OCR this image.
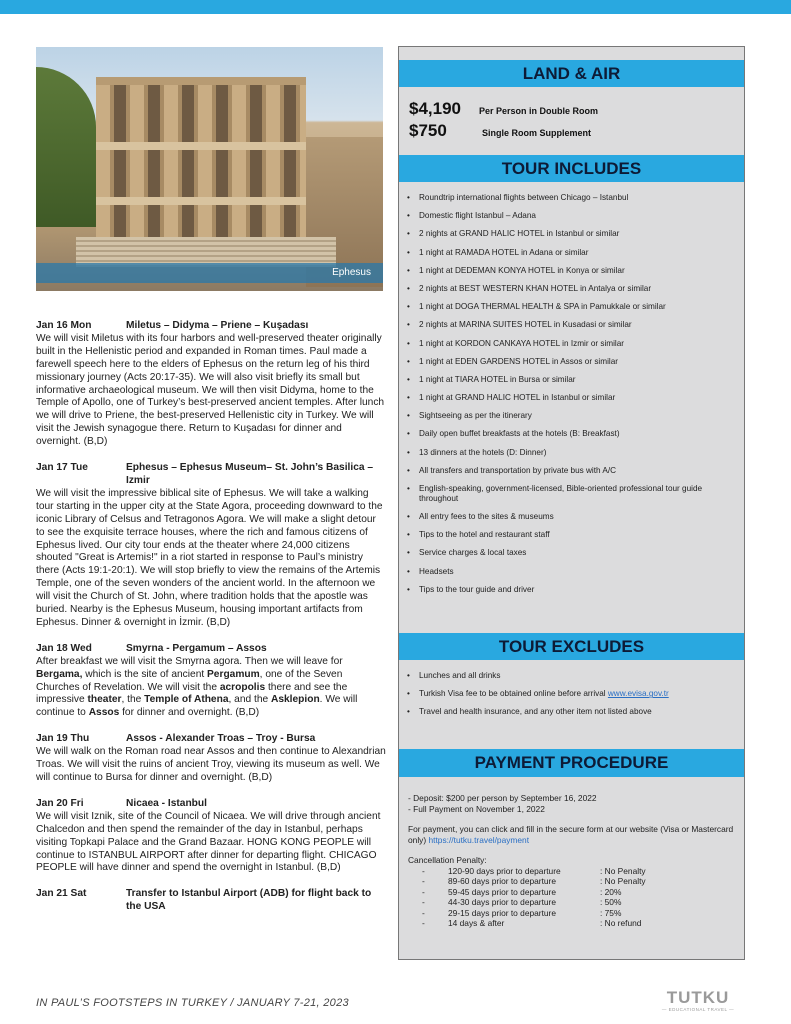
Ephesus
Jan 16 Mon	Miletus – Didyma – Priene – Kuşadası
We will visit Miletus with its four harbors and well-preserved theater originally built in the Hellenistic period and expanded in Roman times. Paul made a farewell speech here to the elders of Ephesus on the return leg of his third missionary journey (Acts 20:17-35). We will also visit briefly its small but informative archaeological museum. We will then visit Didyma, home to the Temple of Apollo, one of Turkey’s best-preserved ancient temples. After lunch we will drive to Priene, the best-preserved Hellenistic city in Turkey. We will visit the Jewish synagogue there. Return to Kuşadası for dinner and overnight. (B,D)
Jan 17 Tue	Ephesus – Ephesus Museum– St. John’s Basilica – Izmir
We will visit the impressive biblical site of Ephesus. We will take a walking tour starting in the upper city at the State Agora, proceeding downward to the iconic Library of Celsus and Tetragonos Agora. We will make a slight detour to see the exquisite terrace houses, where the rich and famous citizens of Ephesus lived. Our city tour ends at the theater where 24,000 citizens shouted "Great is Artemis!" in a riot started in response to Paul’s ministry there (Acts 19:1-20:1). We will stop briefly to view the remains of the Artemis Temple, one of the seven wonders of the ancient world. In the afternoon we will visit the Church of St. John, where tradition holds that the apostle was buried. Nearby is the Ephesus Museum, housing important artifacts from Ephesus. Dinner & overnight in İzmir. (B,D)
Jan 18 Wed	Smyrna - Pergamum – Assos
After breakfast we will visit the Smyrna agora. Then we will leave for Bergama, which is the site of ancient Pergamum, one of the Seven Churches of Revelation. We will visit the acropolis there and see the impressive theater, the Temple of Athena, and the Asklepion. We will continue to Assos for dinner and overnight. (B,D)
Jan 19 Thu	Assos - Alexander Troas – Troy - Bursa
We will walk on the Roman road near Assos and then continue to Alexandrian Troas. We will visit the ruins of ancient Troy, viewing its museum as well. We will continue to Bursa for dinner and overnight. (B,D)
Jan 20 Fri	Nicaea - Istanbul
We will visit Iznik, site of the Council of Nicaea. We will drive through ancient Chalcedon and then spend the remainder of the day in Istanbul, perhaps visiting Topkapi Palace and the Grand Bazaar. HONG KONG PEOPLE will continue to ISTANBUL AIRPORT after dinner for departing flight. CHICAGO PEOPLE will have dinner and spend the overnight in Istanbul. (B,D)
Jan 21 Sat	Transfer to Istanbul Airport (ADB) for flight back to the USA
LAND & AIR
$4,190	Per Person in Double Room
$750	Single Room Supplement
TOUR INCLUDES
• Roundtrip international flights between Chicago – Istanbul
• Domestic flight Istanbul – Adana
• 2 nights at GRAND HALIC HOTEL in Istanbul or similar
• 1 night at RAMADA HOTEL in Adana or similar
• 1 night at DEDEMAN KONYA HOTEL in Konya or similar
• 2 nights at BEST WESTERN KHAN HOTEL in Antalya or similar
• 1 night at DOGA THERMAL HEALTH & SPA in Pamukkale or similar
• 2 nights at MARINA SUITES HOTEL in Kusadasi or similar
• 1 night at KORDON CANKAYA HOTEL in Izmir or similar
• 1 night at EDEN GARDENS HOTEL in Assos or similar
• 1 night at TIARA HOTEL in Bursa or similar
• 1 night at GRAND HALIC HOTEL in Istanbul or similar
• Sightseeing as per the itinerary
• Daily open buffet breakfasts at the hotels (B: Breakfast)
• 13 dinners at the hotels (D: Dinner)
• All transfers and transportation by private bus with A/C
• English-speaking, government-licensed, Bible-oriented professional tour guide throughout
• All entry fees to the sites & museums
• Tips to the hotel and restaurant staff
• Service charges & local taxes
• Headsets
• Tips to the tour guide and driver
TOUR EXCLUDES
• Lunches and all drinks
• Turkish Visa fee to be obtained online before arrival www.evisa.gov.tr
• Travel and health insurance, and any other item not listed above
PAYMENT PROCEDURE
- Deposit: $200 per person by September 16, 2022
- Full Payment on November 1, 2022
For payment, you can click and fill in the secure form at our website (Visa or Mastercard only) https://tutku.travel/payment
Cancellation Penalty:
-	120-90 days prior to departure	: No Penalty
-	89-60 days prior to departure	: No Penalty
-	59-45 days prior to departure	: 20%
-	44-30 days prior to departure	: 50%
-	29-15 days prior to departure	: 75%
-	14 days & after	: No refund
IN PAUL’S FOOTSTEPS IN TURKEY / JANUARY 7-21, 2023	TUTKU
— EDUCATIONAL TRAVEL —
